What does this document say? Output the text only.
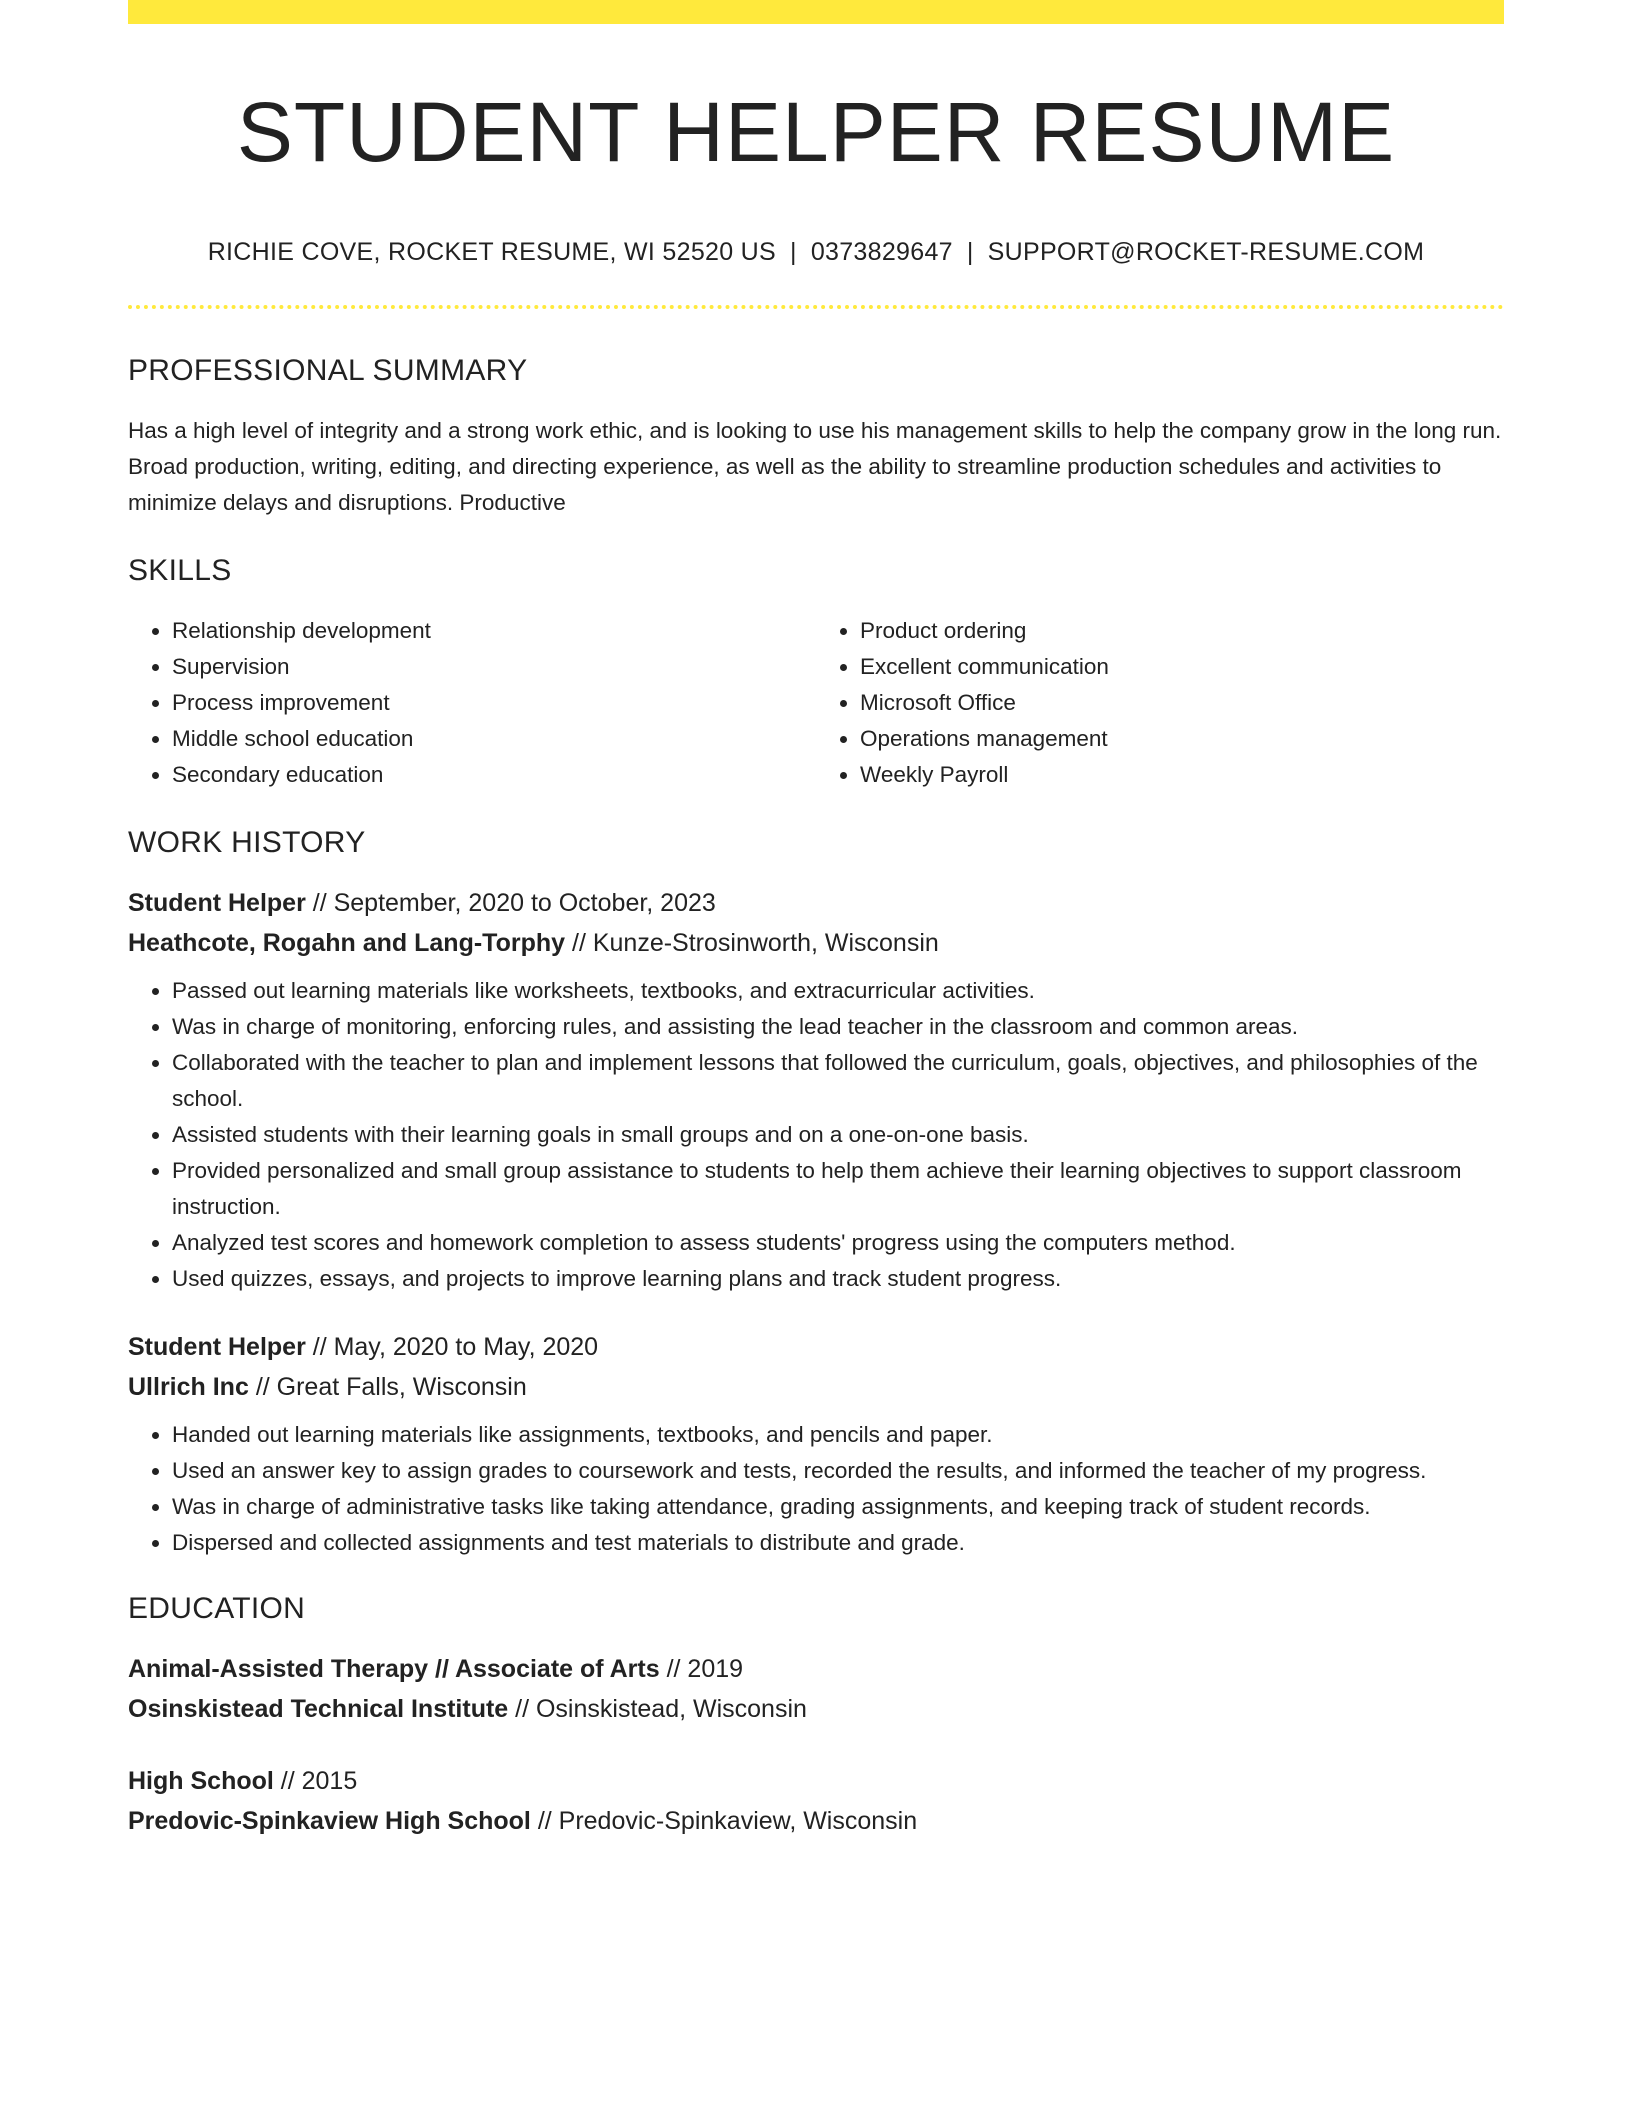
STUDENT HELPER RESUME
RICHIE COVE, ROCKET RESUME, WI 52520 US | 0373829647 | SUPPORT@ROCKET-RESUME.COM
PROFESSIONAL SUMMARY
Has a high level of integrity and a strong work ethic, and is looking to use his management skills to help the company grow in the long run. Broad production, writing, editing, and directing experience, as well as the ability to streamline production schedules and activities to minimize delays and disruptions. Productive
SKILLS
• Relationship development
• Supervision
• Process improvement
• Middle school education
• Secondary education
• Product ordering
• Excellent communication
• Microsoft Office
• Operations management
• Weekly Payroll
WORK HISTORY
Student Helper // September, 2020 to October, 2023
Heathcote, Rogahn and Lang-Torphy // Kunze-Strosinworth, Wisconsin
• Passed out learning materials like worksheets, textbooks, and extracurricular activities.
• Was in charge of monitoring, enforcing rules, and assisting the lead teacher in the classroom and common areas.
• Collaborated with the teacher to plan and implement lessons that followed the curriculum, goals, objectives, and philosophies of the school.
• Assisted students with their learning goals in small groups and on a one-on-one basis.
• Provided personalized and small group assistance to students to help them achieve their learning objectives to support classroom instruction.
• Analyzed test scores and homework completion to assess students' progress using the computers method.
• Used quizzes, essays, and projects to improve learning plans and track student progress.
Student Helper // May, 2020 to May, 2020
Ullrich Inc // Great Falls, Wisconsin
• Handed out learning materials like assignments, textbooks, and pencils and paper.
• Used an answer key to assign grades to coursework and tests, recorded the results, and informed the teacher of my progress.
• Was in charge of administrative tasks like taking attendance, grading assignments, and keeping track of student records.
• Dispersed and collected assignments and test materials to distribute and grade.
EDUCATION
Animal-Assisted Therapy // Associate of Arts // 2019
Osinskistead Technical Institute // Osinskistead, Wisconsin
High School // 2015
Predovic-Spinkaview High School // Predovic-Spinkaview, Wisconsin
